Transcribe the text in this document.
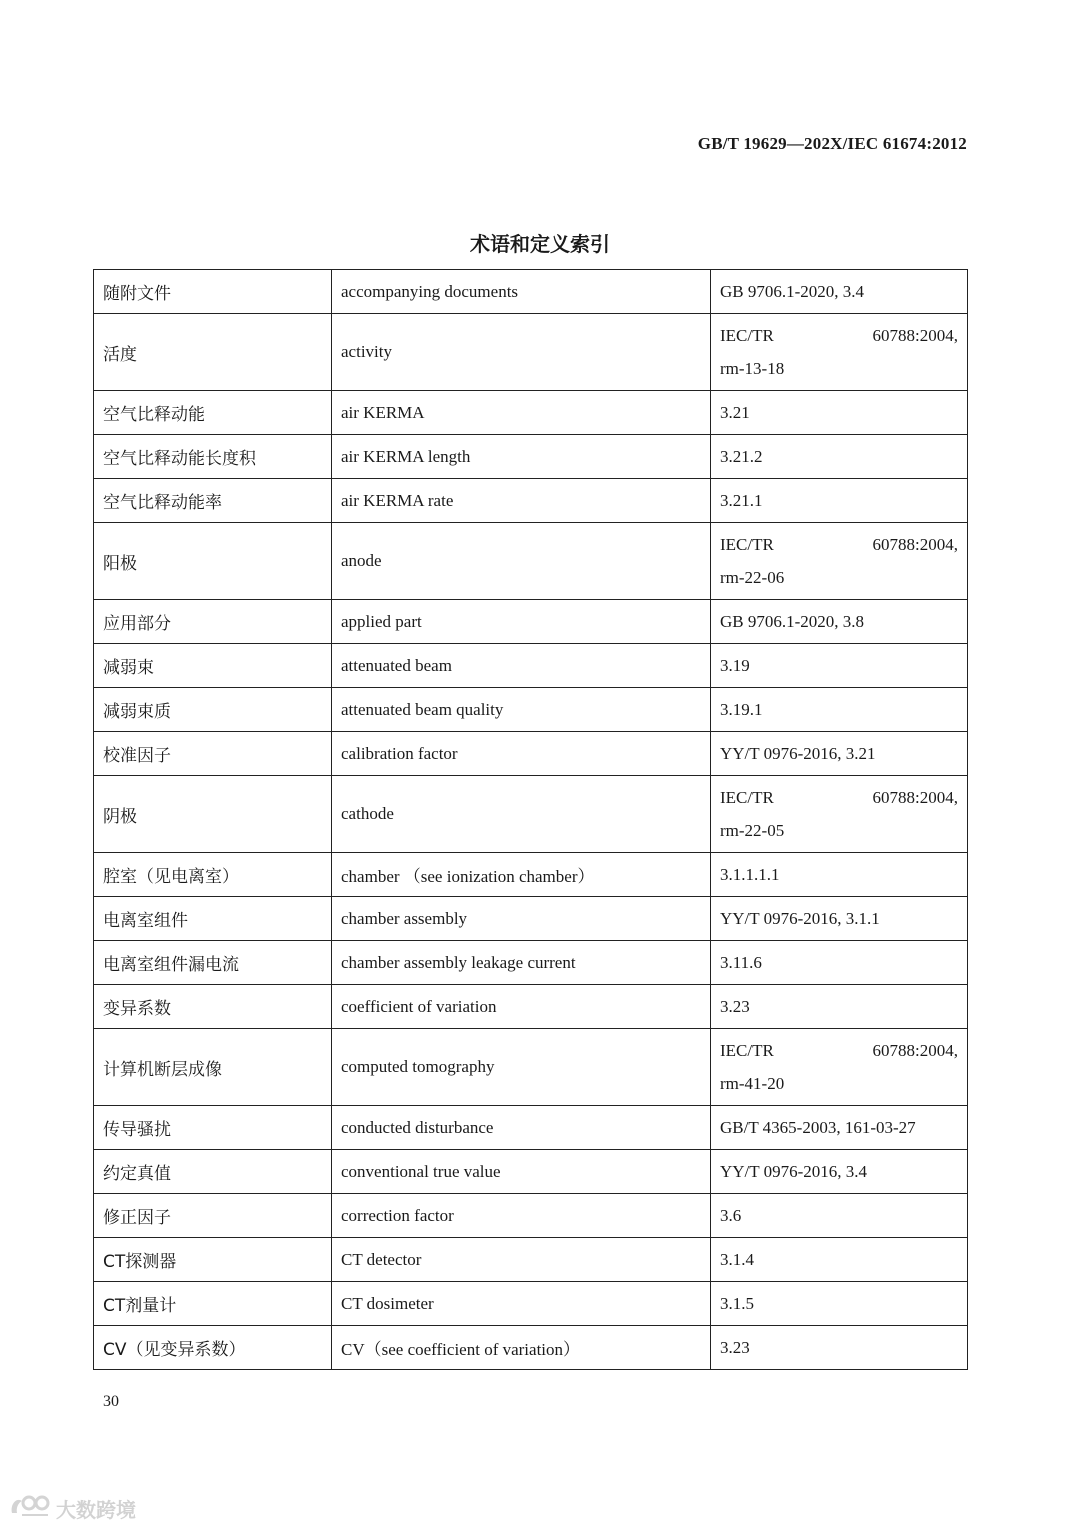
GB/T 19629—202X/IEC 61674:2012
术语和定义索引
随附文件	accompanying documents	GB 9706.1-2020, 3.4
活度	activity	IEC/TR 60788:2004,
rm-13-18

空气比释动能	air KERMA	3.21
空气比释动能长度积	air KERMA length	3.21.2
空气比释动能率	air KERMA rate	3.21.1
阳极	anode	IEC/TR 60788:2004,
rm-22-06

应用部分	applied part	GB 9706.1-2020, 3.8
减弱束	attenuated beam	3.19
减弱束质	attenuated beam quality	3.19.1
校准因子	calibration factor	YY/T 0976-2016, 3.21
阴极	cathode	IEC/TR 60788:2004,
rm-22-05

腔室（见电离室）	chamber （see ionization chamber）	3.1.1.1.1
电离室组件	chamber assembly	YY/T 0976-2016, 3.1.1
电离室组件漏电流	chamber assembly leakage current	3.11.6
变异系数	coefficient of variation	3.23
计算机断层成像	computed tomography	IEC/TR 60788:2004,
rm-41-20

传导骚扰	conducted disturbance	GB/T 4365-2003, 161-03-27
约定真值	conventional true value	YY/T 0976-2016, 3.4
修正因子	correction factor	3.6
CT探测器	CT detector	3.1.4
CT剂量计	CT dosimeter	3.1.5
CV（见变异系数）	CV（see coefficient of variation）	3.23
30
大数跨境
